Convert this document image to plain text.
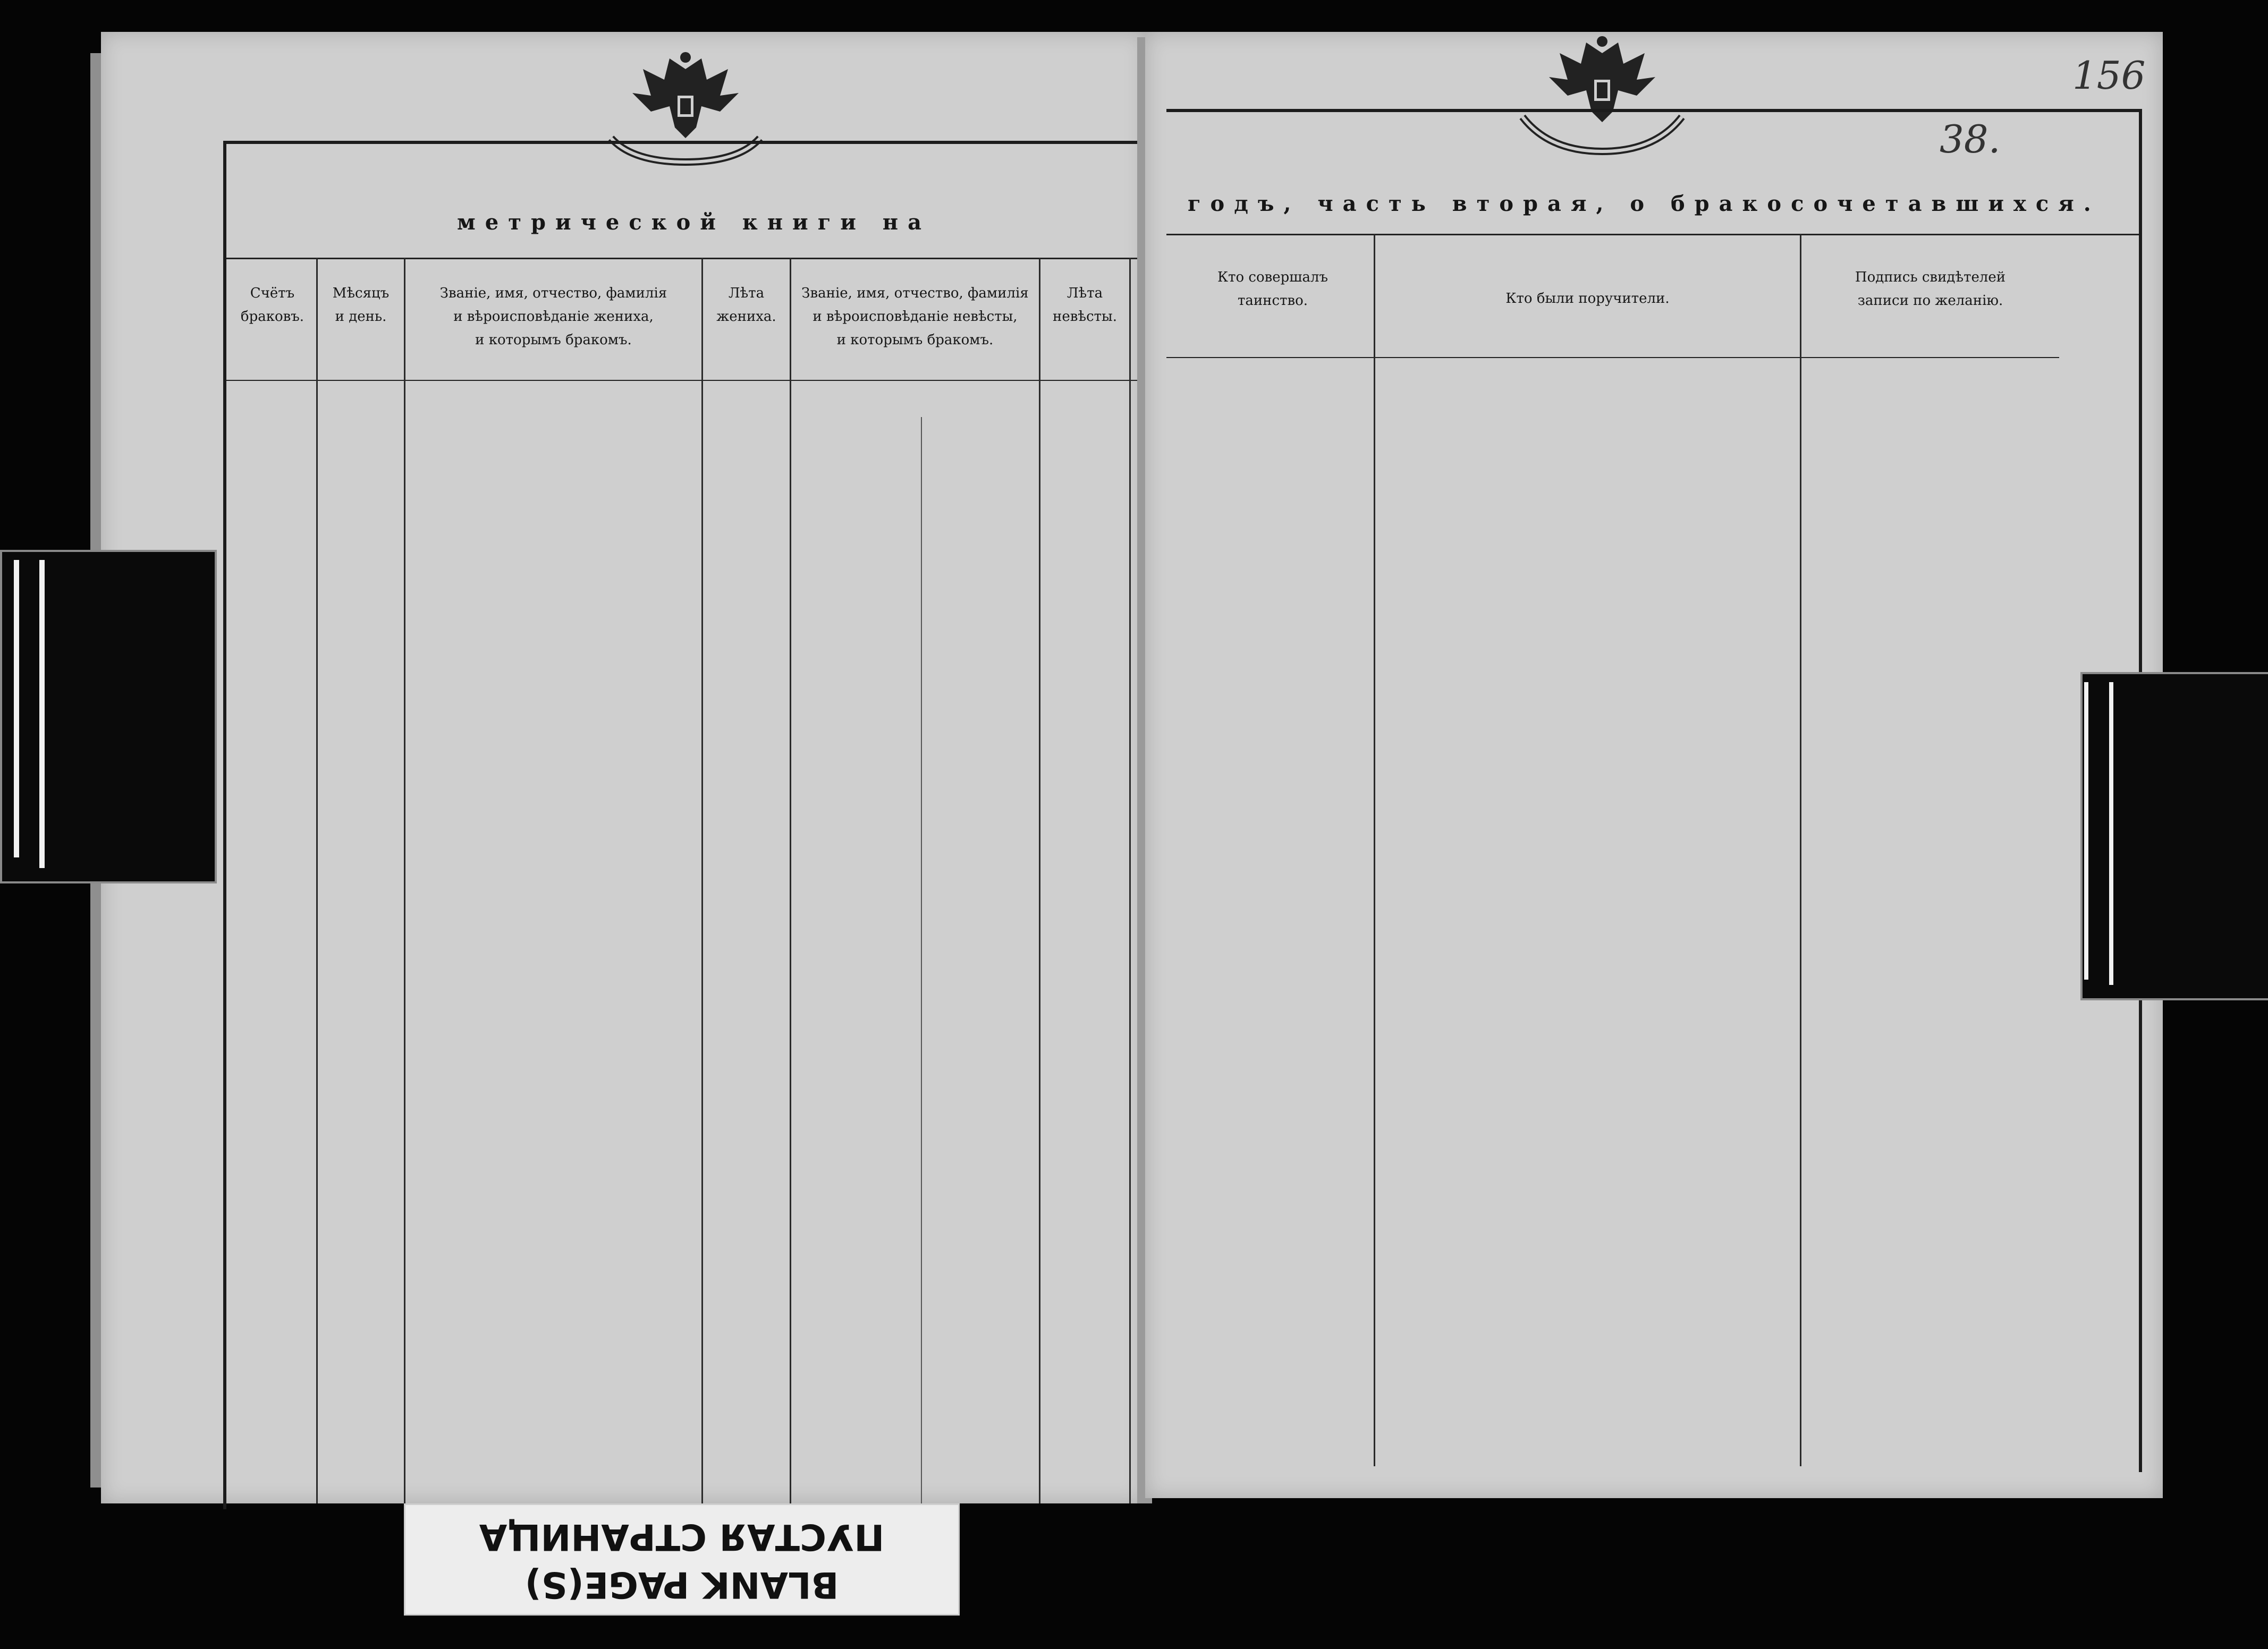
метрической книги на
Счётъ
браковъ.
Мѣсяцъ
и день.
Званіе, имя, отчество, фамилія
и вѣроисповѣданіе жениха,
и которымъ бракомъ.
Лѣта
жениха.
Званіе, имя, отчество, фамилія
и вѣроисповѣданіе невѣсты,
и которымъ бракомъ.
Лѣта
невѣсты.
38.
156
годъ, часть вторая, о бракосочетавшихся.
Кто совершалъ
таинство.	Кто были поручители.
Подпись свидѣтелей
записи по желанію.
ПУСТАЯ СТРАНИЦА
BLANK PAGE(S)
